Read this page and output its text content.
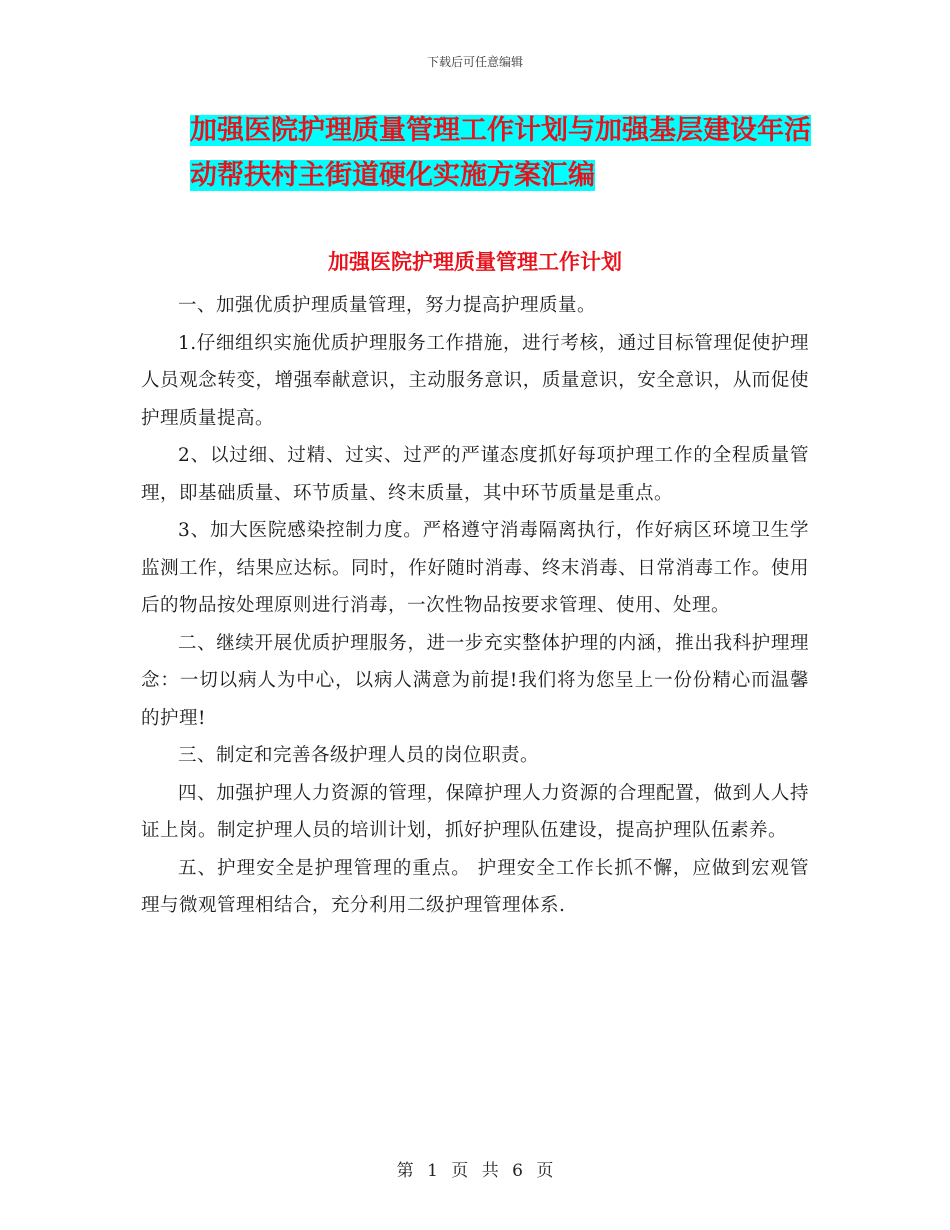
下载后可任意编辑
加强医院护理质量管理工作计划与加强基层建设年活
动帮扶村主街道硬化实施方案汇编
加强医院护理质量管理工作计划

一、加强优质护理质量管理，努力提高护理质量。

1.仔细组织实施优质护理服务工作措施，进行考核，通过目标管理促使护理人员观念转变，增强奉献意识，主动服务意识，质量意识，安全意识，从而促使护理质量提高。

2、以过细、过精、过实、过严的严谨态度抓好每项护理工作的全程质量管理，即基础质量、环节质量、终末质量，其中环节质量是重点。

3、加大医院感染控制力度。严格遵守消毒隔离执行，作好病区环境卫生学监测工作，结果应达标。同时，作好随时消毒、终末消毒、日常消毒工作。使用后的物品按处理原则进行消毒，一次性物品按要求管理、使用、处理。

二、继续开展优质护理服务，进一步充实整体护理的内涵，推出我科护理理念：一切以病人为中心，以病人满意为前提!我们将为您呈上一份份精心而温馨的护理!

三、制定和完善各级护理人员的岗位职责。

四、加强护理人力资源的管理，保障护理人力资源的合理配置，做到人人持证上岗。制定护理人员的培训计划，抓好护理队伍建设，提高护理队伍素养。

五、护理安全是护理管理的重点。 护理安全工作长抓不懈，应做到宏观管理与微观管理相结合，充分利用二级护理管理体系.

第 1 页 共 6 页
